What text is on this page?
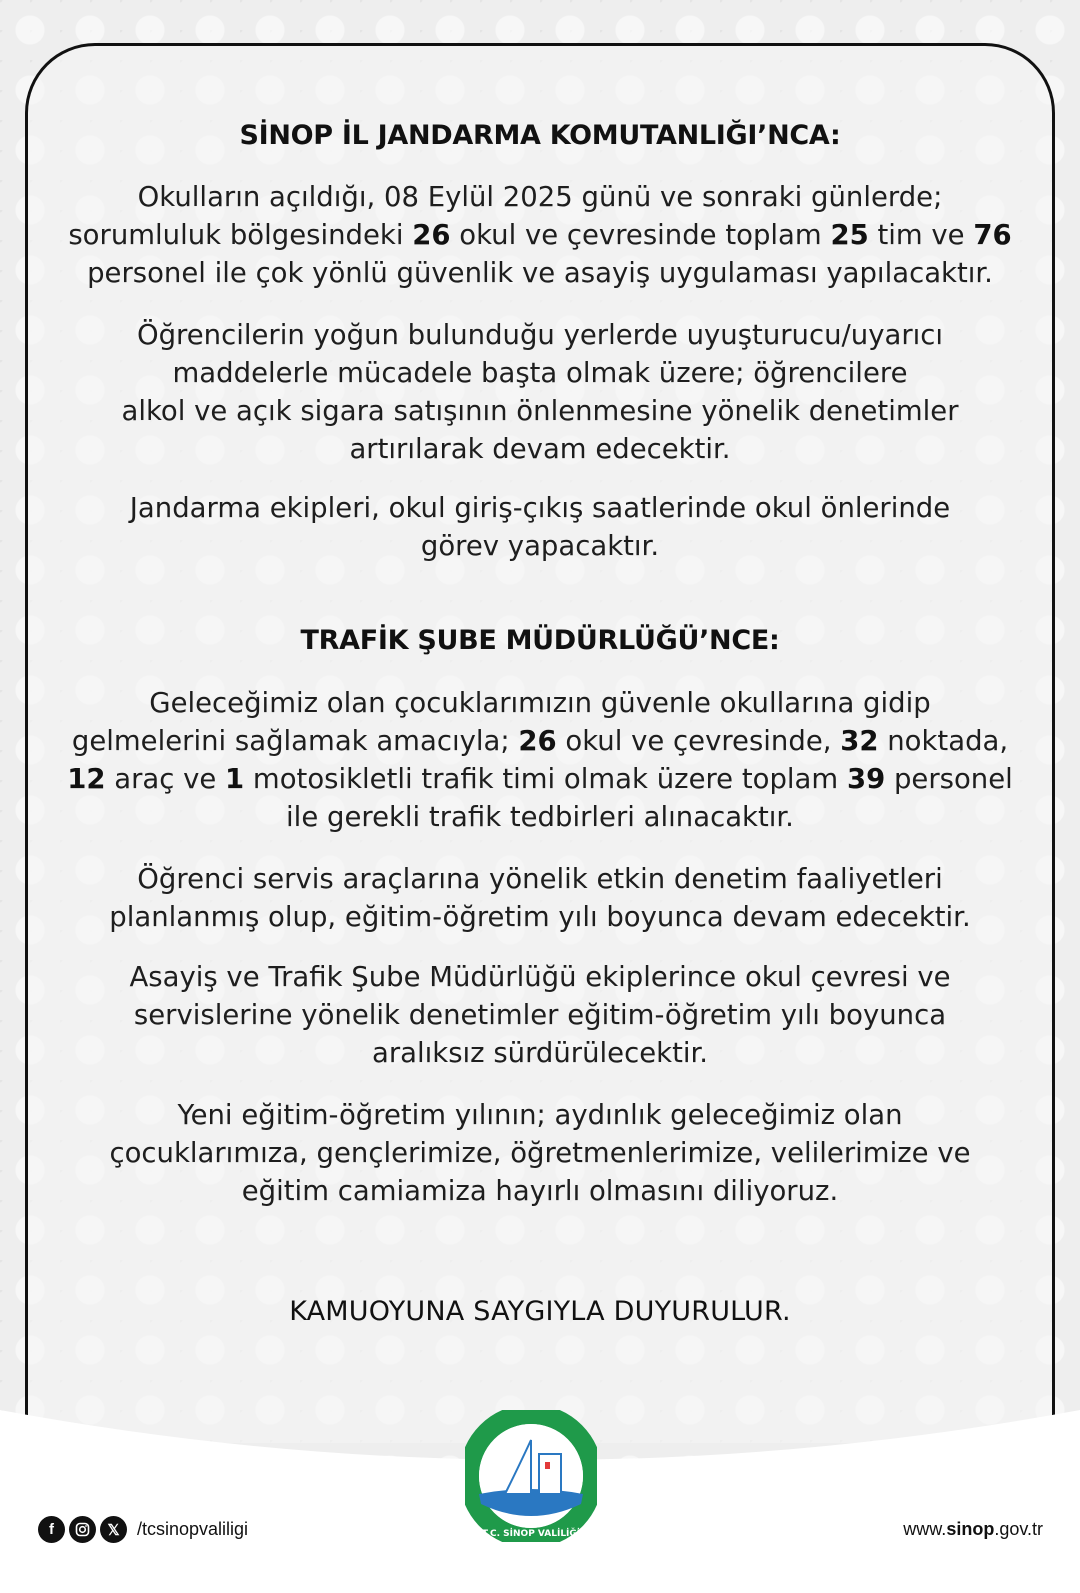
SİNOP İL JANDARMA KOMUTANLIĞI’NCA:
Okulların açıldığı, 08 Eylül 2025 günü ve sonraki günlerde;
sorumluluk bölgesindeki 26 okul ve çevresinde toplam 25 tim ve 76
personel ile çok yönlü güvenlik ve asayiş uygulaması yapılacaktır.
Öğrencilerin yoğun bulunduğu yerlerde uyuşturucu/uyarıcı
maddelerle mücadele başta olmak üzere; öğrencilere
alkol ve açık sigara satışının önlenmesine yönelik denetimler
artırılarak devam edecektir.
Jandarma ekipleri, okul giriş-çıkış saatlerinde okul önlerinde
görev yapacaktır.
TRAFİK ŞUBE MÜDÜRLÜĞÜ’NCE:
Geleceğimiz olan çocuklarımızın güvenle okullarına gidip
gelmelerini sağlamak amacıyla; 26 okul ve çevresinde, 32 noktada,
12 araç ve 1 motosikletli trafik timi olmak üzere toplam 39 personel
ile gerekli trafik tedbirleri alınacaktır.
Öğrenci servis araçlarına yönelik etkin denetim faaliyetleri
planlanmış olup, eğitim-öğretim yılı boyunca devam edecektir.
Asayiş ve Trafik Şube Müdürlüğü ekiplerince okul çevresi ve
servislerine yönelik denetimler eğitim-öğretim yılı boyunca
aralıksız sürdürülecektir.
Yeni eğitim-öğretim yılının; aydınlık geleceğimiz olan
çocuklarımıza, gençlerimize, öğretmenlerimize, velilerimize ve
eğitim camiamiza hayırlı olmasını diliyoruz.
KAMUOYUNA SAYGIYLA DUYURULUR.
f	𝕏 /tcsinopvaliligi	T.C. SİNOP VALİLİĞİ	www.sinop.gov.tr
